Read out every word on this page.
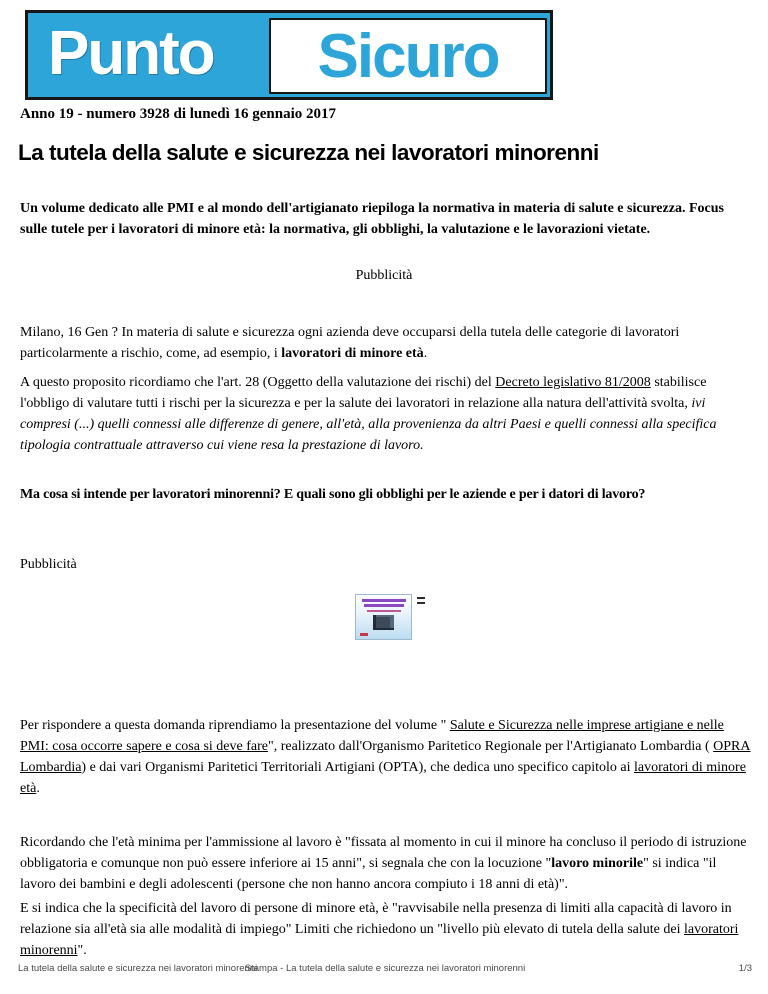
Punto Sicuro
Anno 19 - numero 3928 di lunedì 16 gennaio 2017
La tutela della salute e sicurezza nei lavoratori minorenni
Un volume dedicato alle PMI e al mondo dell'artigianato riepiloga la normativa in materia di salute e sicurezza. Focus sulle tutele per i lavoratori di minore età: la normativa, gli obblighi, la valutazione e le lavorazioni vietate.
Pubblicità

Milano, 16 Gen ? In materia di salute e sicurezza ogni azienda deve occuparsi della tutela delle categorie di lavoratori particolarmente a rischio, come, ad esempio, i lavoratori di minore età.

A questo proposito ricordiamo che l'art. 28 (Oggetto della valutazione dei rischi) del Decreto legislativo 81/2008 stabilisce l'obbligo di valutare tutti i rischi per la sicurezza e per la salute dei lavoratori in relazione alla natura dell'attività svolta, ivi compresi (...) quelli connessi alle differenze di genere, all'età, alla provenienza da altri Paesi e quelli connessi alla specifica tipologia contrattuale attraverso cui viene resa la prestazione di lavoro.

Ma cosa si intende per lavoratori minorenni? E quali sono gli obblighi per le aziende e per i datori di lavoro?
Pubblicità

Per rispondere a questa domanda riprendiamo la presentazione del volume " Salute e Sicurezza nelle imprese artigiane e nelle PMI: cosa occorre sapere e cosa si deve fare", realizzato dall'Organismo Paritetico Regionale per l'Artigianato Lombardia ( OPRA Lombardia) e dai vari Organismi Paritetici Territoriali Artigiani (OPTA), che dedica uno specifico capitolo ai lavoratori di minore età.

Ricordando che l'età minima per l'ammissione al lavoro è "fissata al momento in cui il minore ha concluso il periodo di istruzione obbligatoria e comunque non può essere inferiore ai 15 anni", si segnala che con la locuzione "lavoro minorile" si indica "il lavoro dei bambini e degli adolescenti (persone che non hanno ancora compiuto i 18 anni di età)".

E si indica che la specificità del lavoro di persone di minore età, è "ravvisabile nella presenza di limiti alla capacità di lavoro in relazione sia all'età sia alle modalità di impiego" Limiti che richiedono un "livello più elevato di tutela della salute dei lavoratori minorenni".

La tutela della salute e sicurezza nei lavoratori minorenni
Stampa - La tutela della salute e sicurezza nei lavoratori minorenni	1/3
